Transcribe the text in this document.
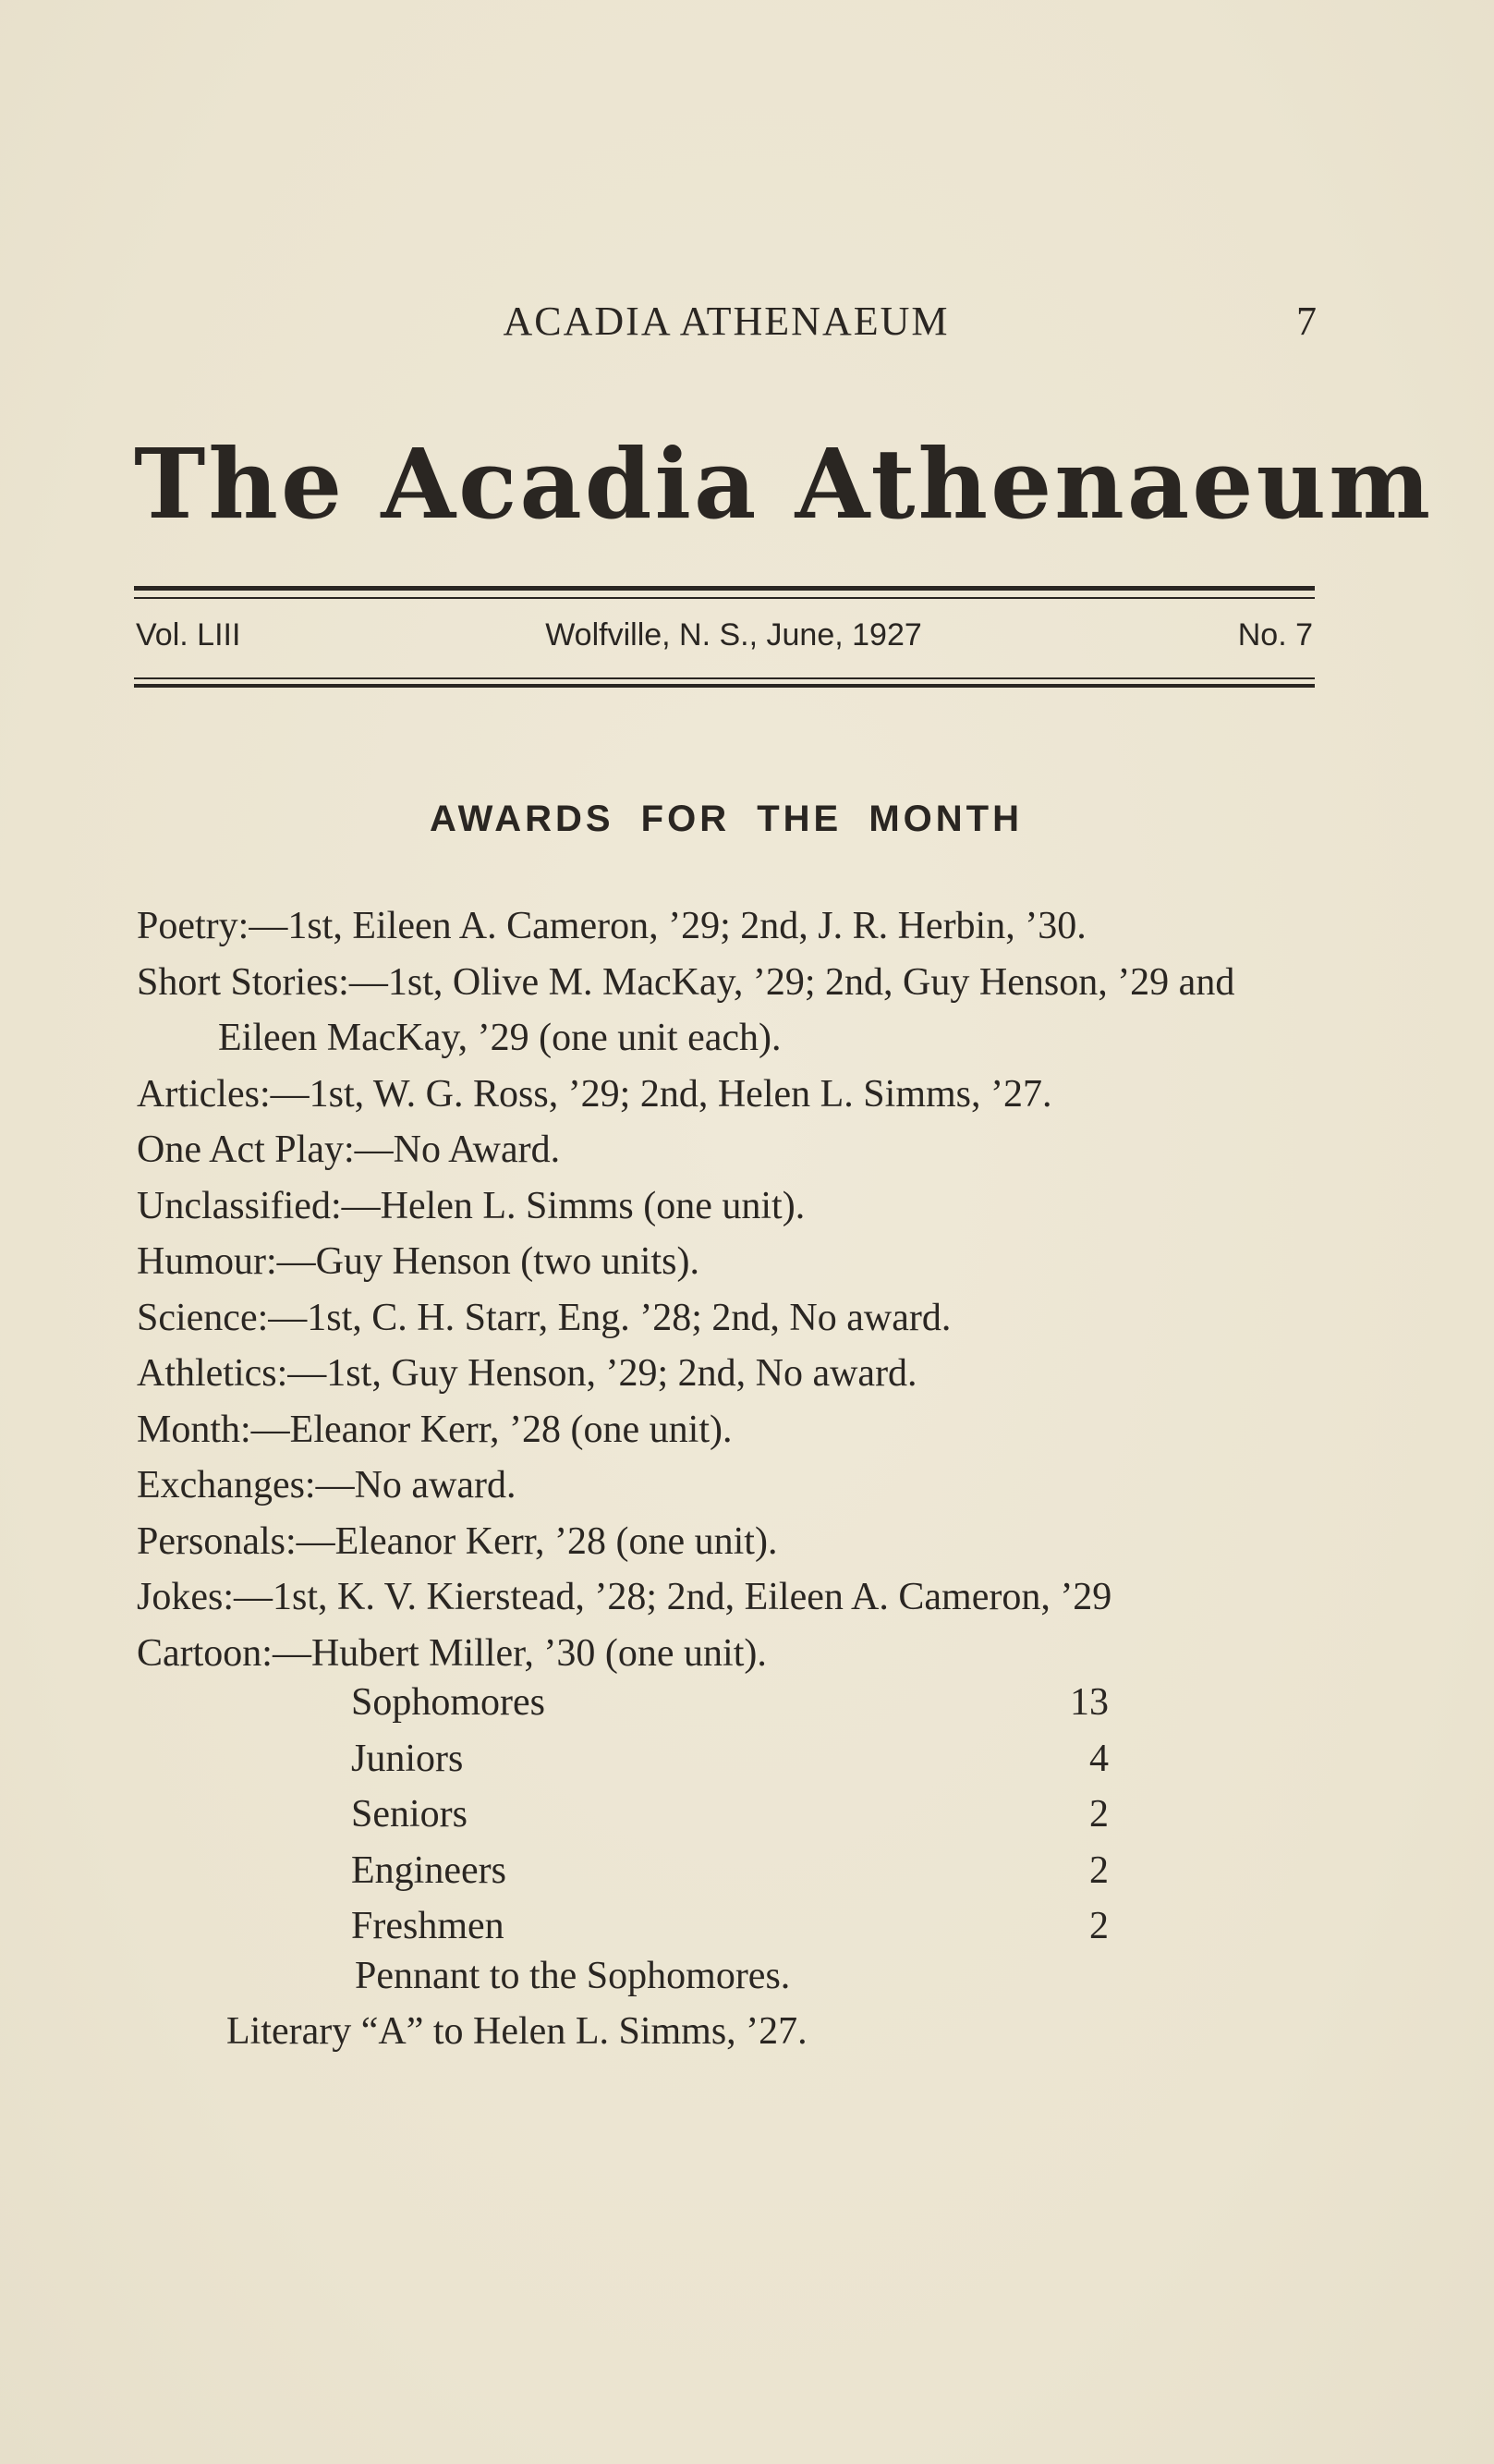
ACADIA ATHENAEUM	7
The Acadia Athenaeum
Vol. LIII	Wolfville, N. S., June, 1927	No. 7
AWARDS FOR THE MONTH

Poetry:—1st, Eileen A. Cameron, ’29; 2nd, J. R. Herbin, ’30.

Short Stories:—1st, Olive M. MacKay, ’29; 2nd, Guy Henson, ’29 and Eileen MacKay, ’29 (one unit each).

Articles:—1st, W. G. Ross, ’29; 2nd, Helen L. Simms, ’27.

One Act Play:—No Award.

Unclassified:—Helen L. Simms (one unit).

Humour:—Guy Henson (two units).

Science:—1st, C. H. Starr, Eng. ’28; 2nd, No award.

Athletics:—1st, Guy Henson, ’29; 2nd, No award.

Month:—Eleanor Kerr, ’28 (one unit).

Exchanges:—No award.

Personals:—Eleanor Kerr, ’28 (one unit).

Jokes:—1st, K. V. Kierstead, ’28; 2nd, Eileen A. Cameron, ’29

Cartoon:—Hubert Miller, ’30 (one unit).

Sophomores	13
Juniors	4
Seniors	2
Engineers	2
Freshmen	2
Pennant to the Sophomores.
Literary “A” to Helen L. Simms, ’27.
